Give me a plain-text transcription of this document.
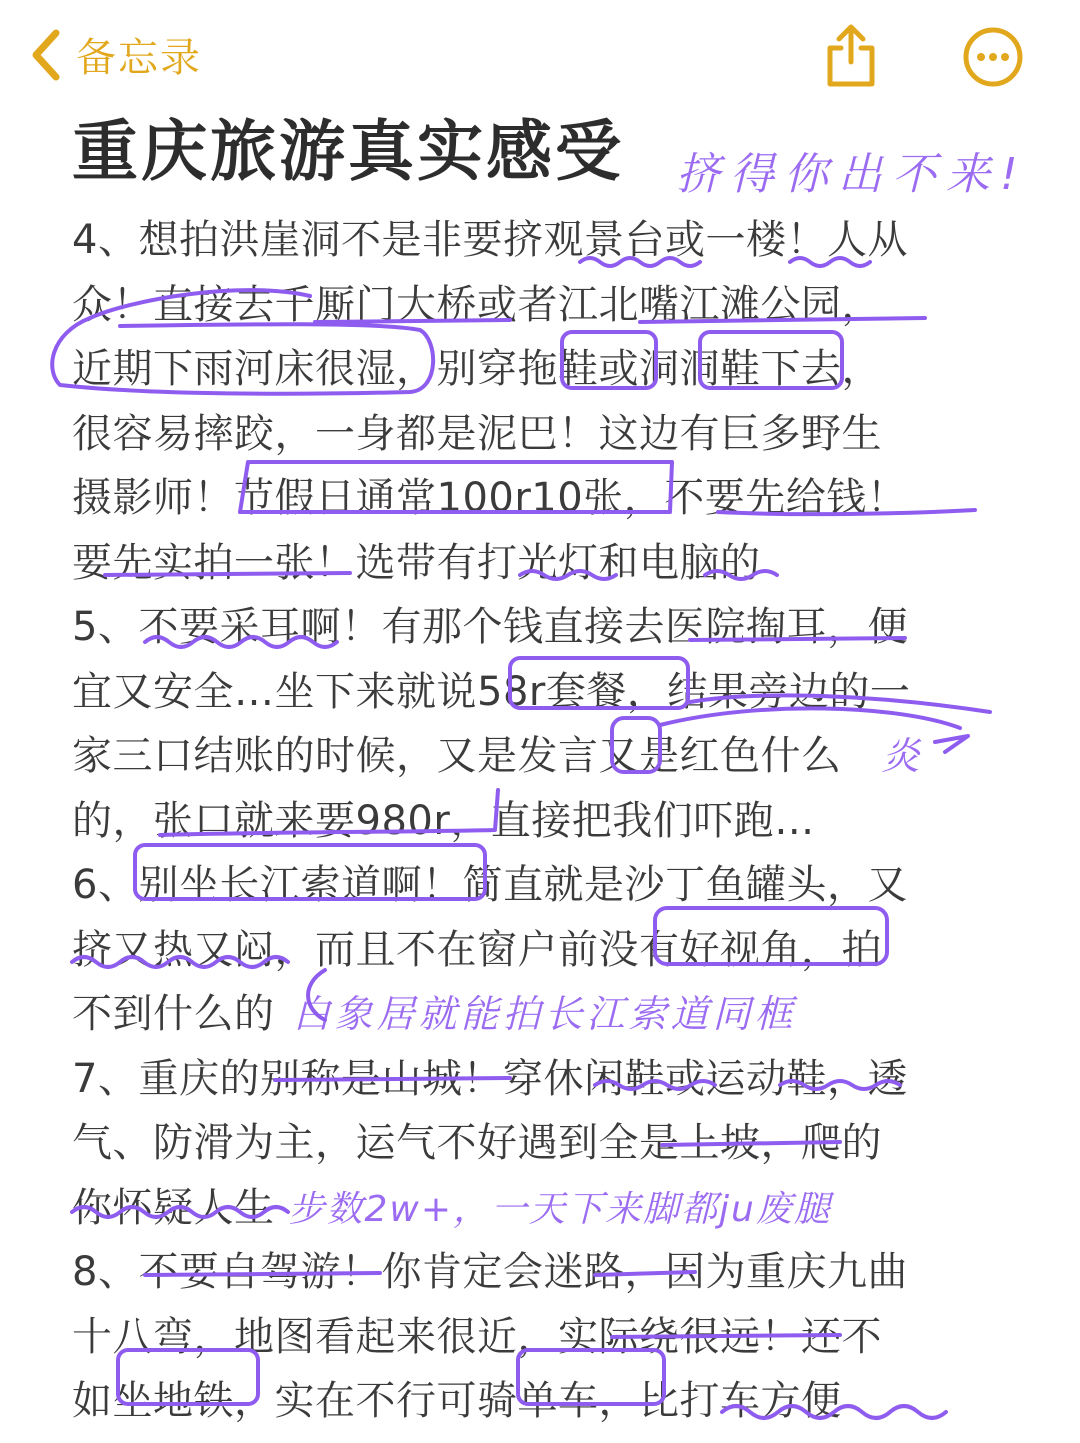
备忘录
重庆旅游真实感受 挤得你出不来!
4、想拍洪崖洞不是非要挤观景台或一楼！人从
众！直接去千厮门大桥或者江北嘴江滩公园，
近期下雨河床很湿，别穿拖鞋或洞洞鞋下去，
很容易摔跤，一身都是泥巴！这边有巨多野生
摄影师！节假日通常100r10张，不要先给钱！
要先实拍一张！选带有打光灯和电脑的
5、不要采耳啊！有那个钱直接去医院掏耳，便
宜又安全…坐下来就说58r套餐，结果旁边的一
家三口结账的时候，又是发言又是红色什么 炎
的，张口就来要980r，直接把我们吓跑…
6、别坐长江索道啊！简直就是沙丁鱼罐头，又
挤又热又闷，而且不在窗户前没有好视角，拍
不到什么的 白象居就能拍长江索道同框
7、重庆的别称是山城！穿休闲鞋或运动鞋，透
气、防滑为主，运气不好遇到全是上坡，爬的
你怀疑人生 步数2w+，一天下来脚都ju废腿
8、不要自驾游！你肯定会迷路，因为重庆九曲
十八弯，地图看起来很近，实际绕很远！还不
如坐地铁，实在不行可骑单车，比打车方便
